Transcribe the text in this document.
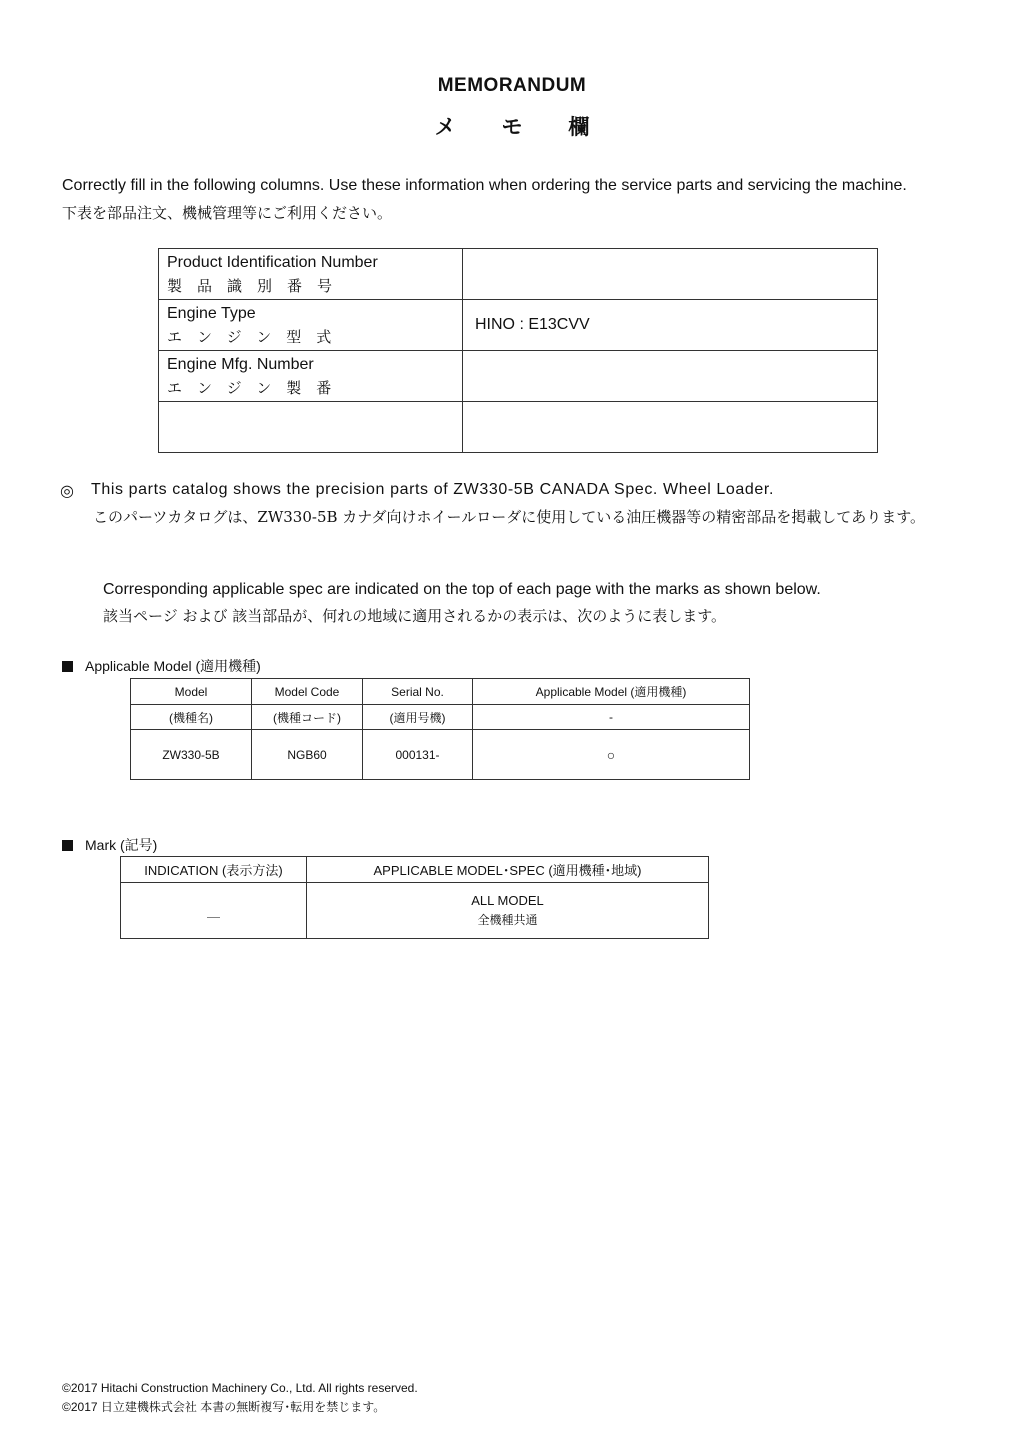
MEMORANDUM
メ モ 欄
Correctly fill in the following columns. Use these information when ordering the service parts and servicing the machine.
下表を部品注文、機械管理等にご利用ください。
Product Identification Number
製品識別番号	

Engine Type
エンジン型式	HINO : E13CVV

Engine Mfg. Number
エンジン製番	

◎ This parts catalog shows the precision parts of ZW330-5B CANADA Spec. Wheel Loader.
このパーツカタログは、ZW330-5B カナダ向けホイールローダに使用している油圧機器等の精密部品を掲載してあります。
Corresponding applicable spec are indicated on the top of each page with the marks as shown below.
該当ページ および 該当部品が、何れの地域に適用されるかの表示は、次のように表します。
Applicable Model (適用機種)
Model	Model Code	Serial No.	Applicable Model (適用機種)
(機種名)	(機種コード)	(適用号機)	-
ZW330-5B	NGB60	000131-	○
Mark (記号)
INDICATION (表示方法)	APPLICABLE MODEL･SPEC (適用機種･地域)
＿	ALL MODEL
全機種共通
©2017 Hitachi Construction Machinery Co., Ltd. All rights reserved.
©2017 日立建機株式会社 本書の無断複写･転用を禁じます。
